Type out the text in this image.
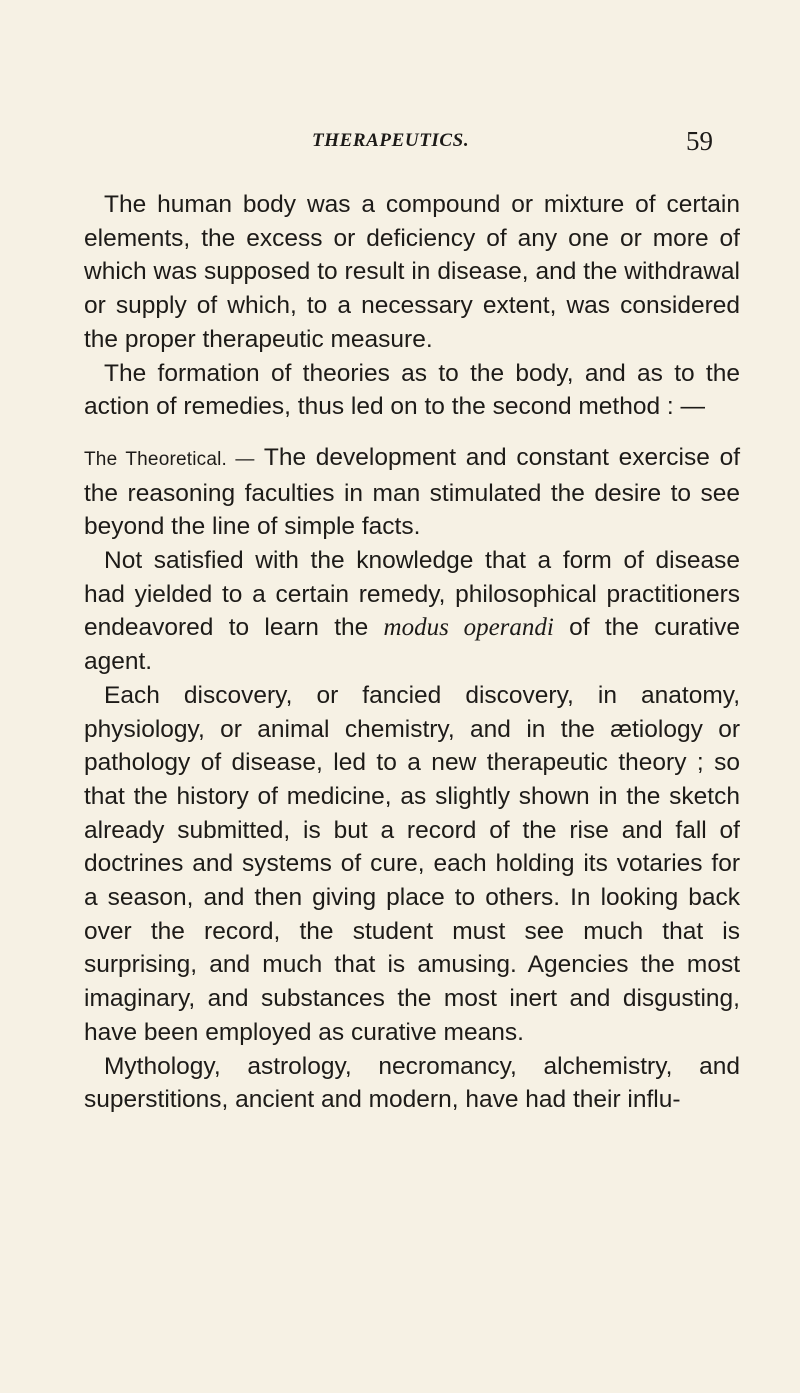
THERAPEUTICS.	59

The human body was a compound or mixture of certain elements, the excess or deficiency of any one or more of which was supposed to result in disease, and the withdrawal or supply of which, to a necessary extent, was considered the proper therapeutic measure.

The formation of theories as to the body, and as to the action of remedies, thus led on to the second method : —

The Theoretical. — The development and constant exercise of the reasoning faculties in man stimulated the desire to see beyond the line of simple facts.

Not satisfied with the knowledge that a form of disease had yielded to a certain remedy, philosophical practitioners endeavored to learn the modus operandi of the curative agent.

Each discovery, or fancied discovery, in anatomy, physiology, or animal chemistry, and in the ætiology or pathology of disease, led to a new therapeutic theory ; so that the history of medicine, as slightly shown in the sketch already submitted, is but a record of the rise and fall of doctrines and systems of cure, each holding its votaries for a season, and then giving place to others. In looking back over the record, the student must see much that is surprising, and much that is amusing. Agencies the most imaginary, and substances the most inert and disgusting, have been employed as curative means.

Mythology, astrology, necromancy, alchemistry, and superstitions, ancient and modern, have had their influ-
